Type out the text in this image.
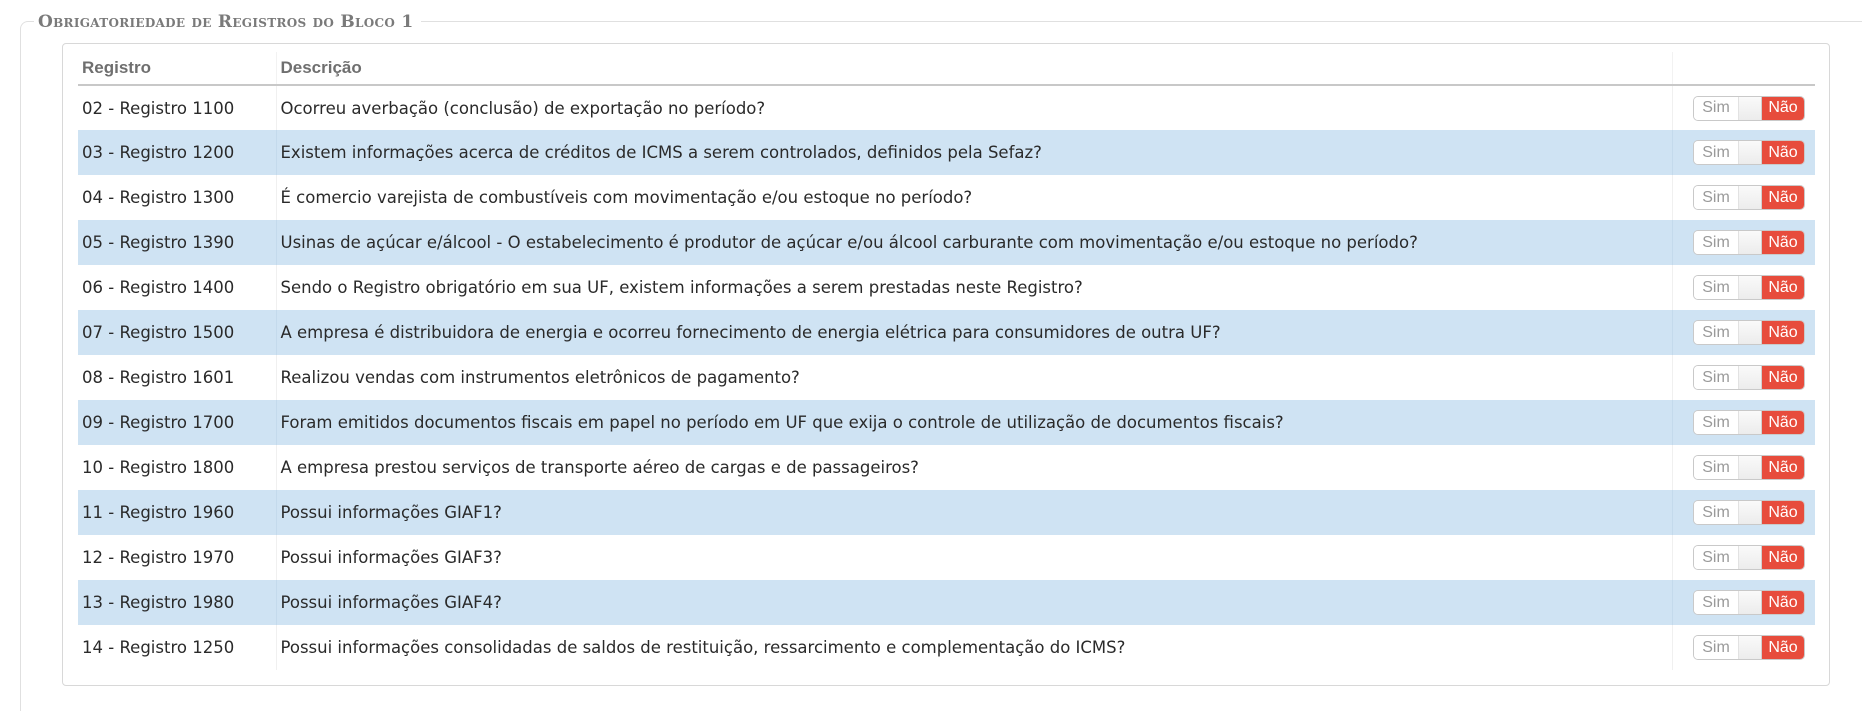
Obrigatoriedade de Registros do Bloco 1
Registro	Descrição	
02 - Registro 1100	Ocorreu averbação (conclusão) de exportação no período?	Sim Não

03 - Registro 1200	Existem informações acerca de créditos de ICMS a serem controlados, definidos pela Sefaz?	Sim Não

04 - Registro 1300	É comercio varejista de combustíveis com movimentação e/ou estoque no período?	Sim Não

05 - Registro 1390	Usinas de açúcar e/álcool - O estabelecimento é produtor de açúcar e/ou álcool carburante com movimentação e/ou estoque no período?	Sim Não

06 - Registro 1400	Sendo o Registro obrigatório em sua UF, existem informações a serem prestadas neste Registro?	Sim Não

07 - Registro 1500	A empresa é distribuidora de energia e ocorreu fornecimento de energia elétrica para consumidores de outra UF?	Sim Não

08 - Registro 1601	Realizou vendas com instrumentos eletrônicos de pagamento?	Sim Não

09 - Registro 1700	Foram emitidos documentos fiscais em papel no período em UF que exija o controle de utilização de documentos fiscais?	Sim Não

10 - Registro 1800	A empresa prestou serviços de transporte aéreo de cargas e de passageiros?	Sim Não

11 - Registro 1960	Possui informações GIAF1?	Sim Não

12 - Registro 1970	Possui informações GIAF3?	Sim Não

13 - Registro 1980	Possui informações GIAF4?	Sim Não

14 - Registro 1250	Possui informações consolidadas de saldos de restituição, ressarcimento e complementação do ICMS?	Sim Não
